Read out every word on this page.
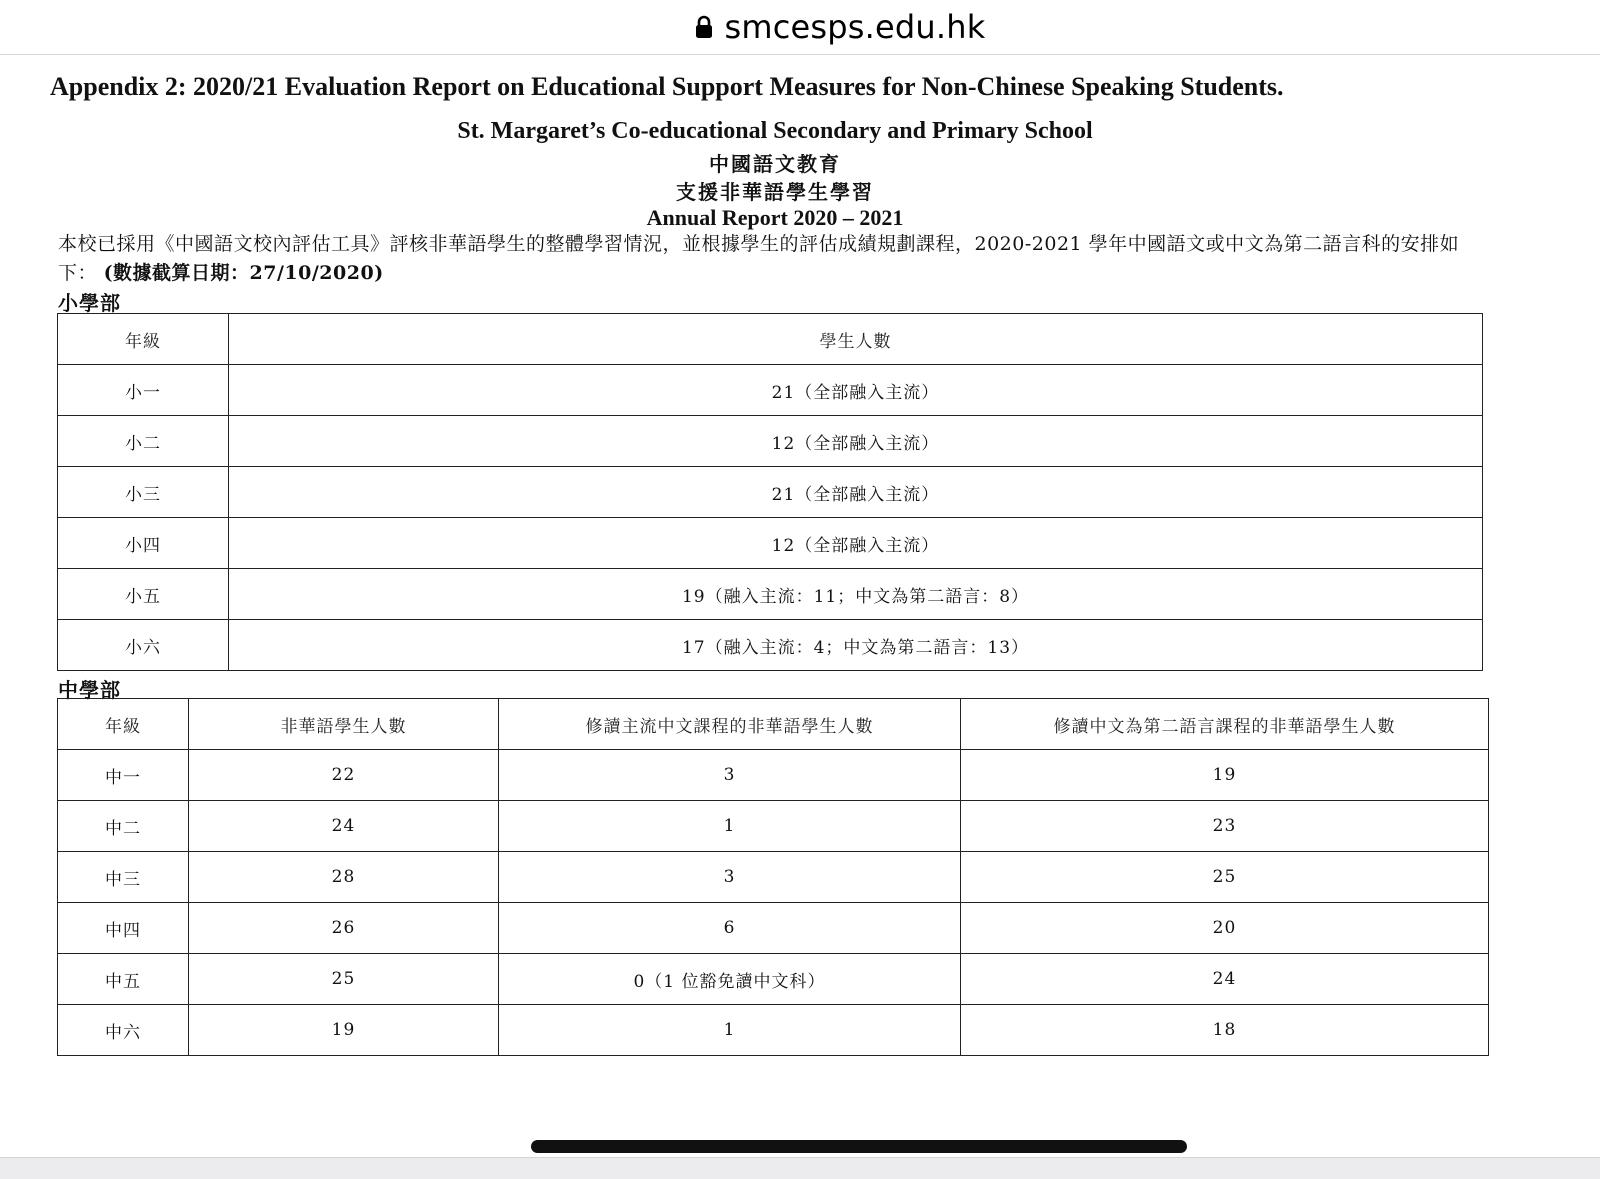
smcesps.edu.hk
Appendix 2: 2020/21 Evaluation Report on Educational Support Measures for Non-Chinese Speaking Students.
St. Margaret’s Co-educational Secondary and Primary School
中國語文教育
支援非華語學生學習
Annual Report 2020 – 2021
本校已採用《中國語文校內評估工具》評核非華語學生的整體學習情況，並根據學生的評估成績規劃課程，2020-2021 學年中國語文或中文為第二語言科的安排如下： (數據截算日期：27/10/2020)
小學部
年級	學生人數
小一	21（全部融入主流）
小二	12（全部融入主流）
小三	21（全部融入主流）
小四	12（全部融入主流）
小五	19（融入主流：11；中文為第二語言：8）
小六	17（融入主流：4；中文為第二語言：13）
中學部
年級	非華語學生人數	修讀主流中文課程的非華語學生人數	修讀中文為第二語言課程的非華語學生人數
中一	22	3	19
中二	24	1	23
中三	28	3	25
中四	26	6	20
中五	25	0（1 位豁免讀中文科）	24
中六	19	1	18
